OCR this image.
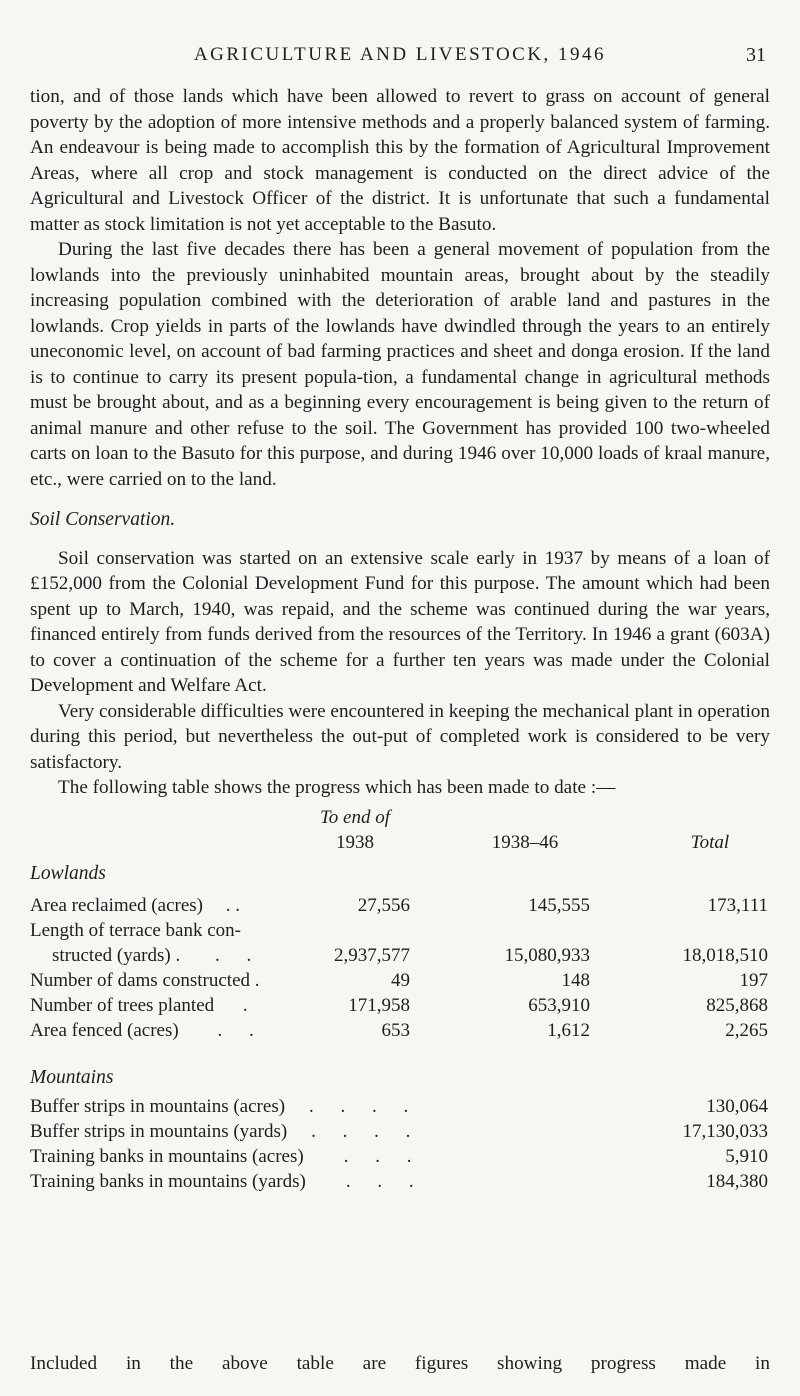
AGRICULTURE AND LIVESTOCK, 1946	31

tion, and of those lands which have been allowed to revert to grass on account of general poverty by the adoption of more intensive methods and a properly balanced system of farming. An endeavour is being made to accomplish this by the formation of Agricultural Improvement Areas, where all crop and stock management is conducted on the direct advice of the Agricultural and Livestock Officer of the district. It is unfortunate that such a fundamental matter as stock limitation is not yet acceptable to the Basuto.

During the last five decades there has been a general movement of population from the lowlands into the previously uninhabited mountain areas, brought about by the steadily increasing population combined with the deterioration of arable land and pastures in the lowlands. Crop yields in parts of the lowlands have dwindled through the years to an entirely uneconomic level, on account of bad farming practices and sheet and donga erosion. If the land is to continue to carry its present popula-tion, a fundamental change in agricultural methods must be brought about, and as a beginning every encouragement is being given to the return of animal manure and other refuse to the soil. The Government has provided 100 two-wheeled carts on loan to the Basuto for this purpose, and during 1946 over 10,000 loads of kraal manure, etc., were carried on to the land.

Soil Conservation.

Soil conservation was started on an extensive scale early in 1937 by means of a loan of £152,000 from the Colonial Development Fund for this purpose. The amount which had been spent up to March, 1940, was repaid, and the scheme was continued during the war years, financed entirely from funds derived from the resources of the Territory. In 1946 a grant (603A) to cover a continuation of the scheme for a further ten years was made under the Colonial Development and Welfare Act.

Very considerable difficulties were encountered in keeping the mechanical plant in operation during this period, but nevertheless the out-put of completed work is considered to be very satisfactory.

The following table shows the progress which has been made to date :—

To end of
1938	1938–46	Total
Lowlands
Area reclaimed (acres) . .	27,556	145,555	173,111
Length of terrace bank con-
structed (yards) . . .	2,937,577	15,080,933	18,018,510
Number of dams constructed .	49	148	197
Number of trees planted .	171,958	653,910	825,868
Area fenced (acres) . .	653	1,612	2,265
Mountains
Buffer strips in mountains (acres) . . . .	130,064
Buffer strips in mountains (yards) . . . .	17,130,033
Training banks in mountains (acres) . . .	5,910
Training banks in mountains (yards) . . .	184,380
Included in the above table are figures showing progress made in
